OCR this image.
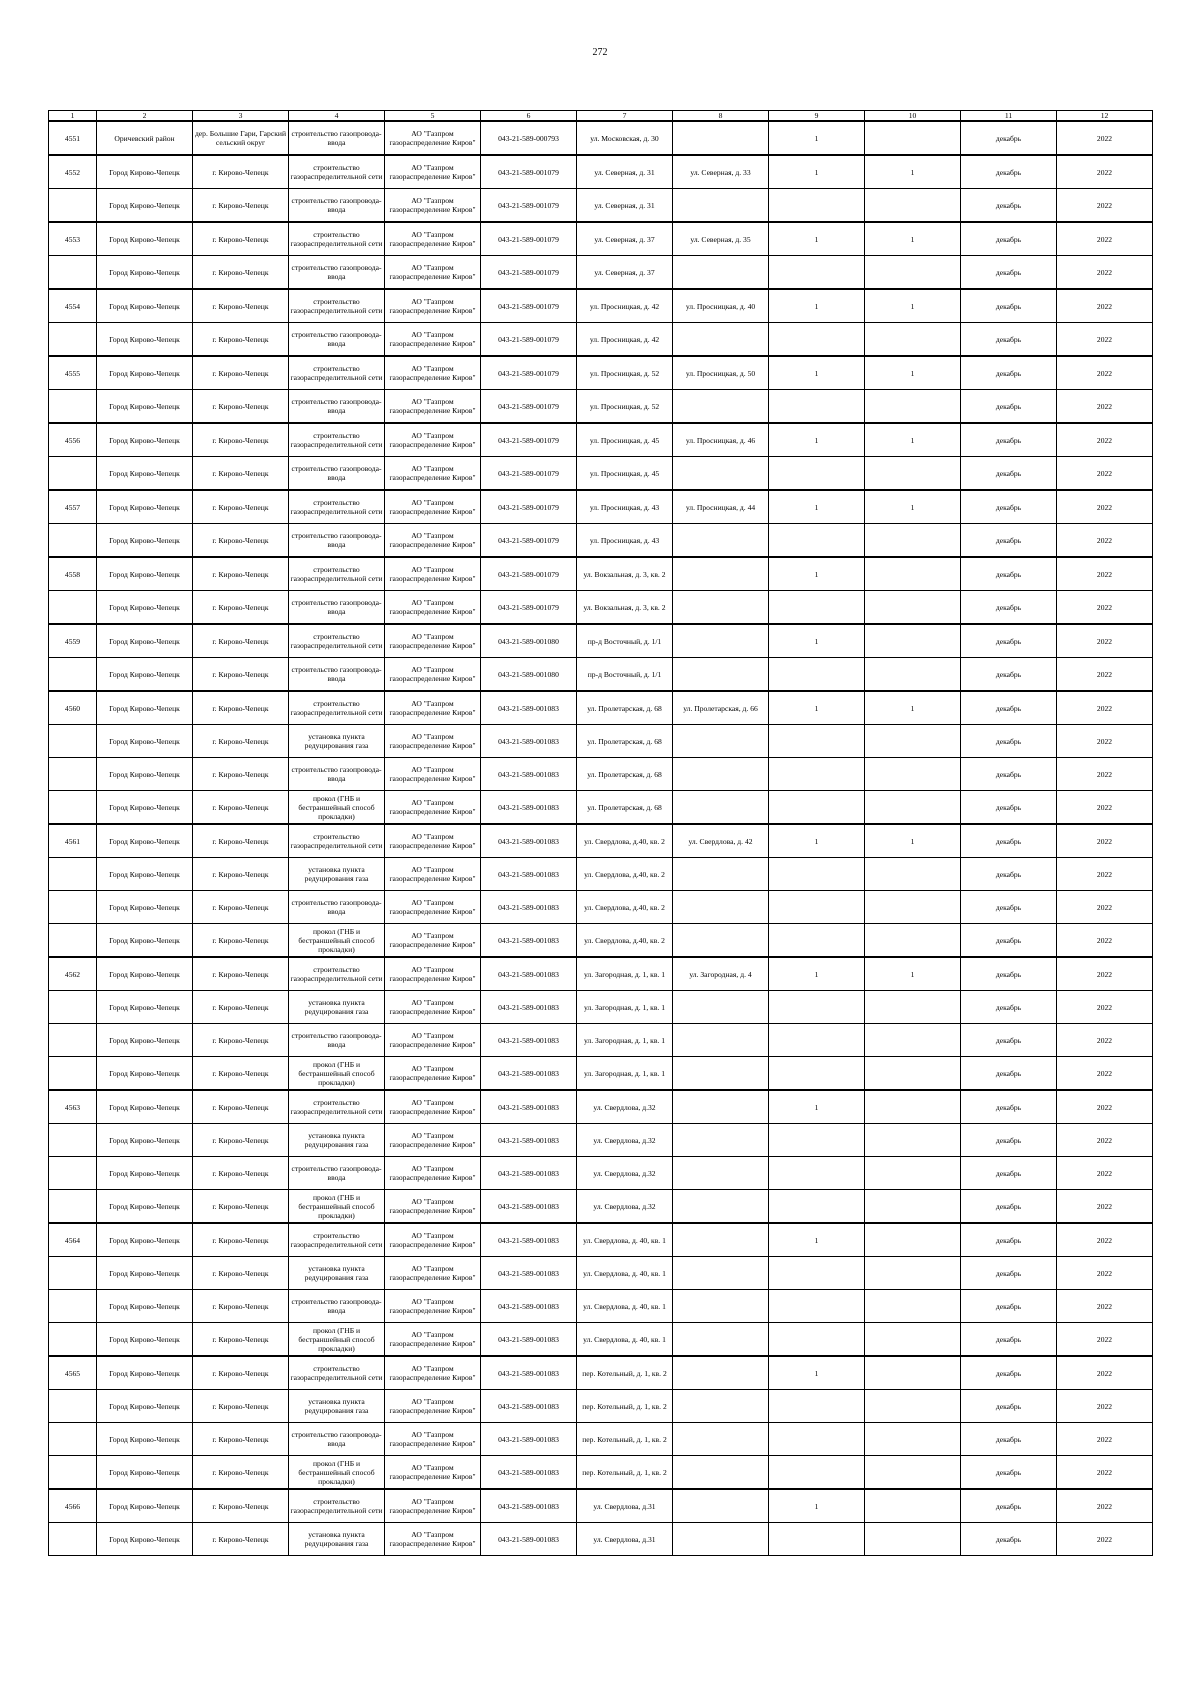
272
1	2	3	4	5	6	7	8	9	10	11	12
4551	Оричевский район	дер. Большие Гари, Гарский сельский округ	строительство газопровода-ввода	АО "Газпром газораспределение Киров"	043-21-589-000793	ул. Московская, д. 30		1		декабрь	2022
4552	Город Кирово-Чепецк	г. Кирово-Чепецк	строительство газораспределительной сети	АО "Газпром газораспределение Киров"	043-21-589-001079	ул. Северная, д. 31	ул. Северная, д. 33	1	1	декабрь	2022
	Город Кирово-Чепецк	г. Кирово-Чепецк	строительство газопровода-ввода	АО "Газпром газораспределение Киров"	043-21-589-001079	ул. Северная, д. 31				декабрь	2022
4553	Город Кирово-Чепецк	г. Кирово-Чепецк	строительство газораспределительной сети	АО "Газпром газораспределение Киров"	043-21-589-001079	ул. Северная, д. 37	ул. Северная, д. 35	1	1	декабрь	2022
	Город Кирово-Чепецк	г. Кирово-Чепецк	строительство газопровода-ввода	АО "Газпром газораспределение Киров"	043-21-589-001079	ул. Северная, д. 37				декабрь	2022
4554	Город Кирово-Чепецк	г. Кирово-Чепецк	строительство газораспределительной сети	АО "Газпром газораспределение Киров"	043-21-589-001079	ул. Просницкая, д. 42	ул. Просницкая, д. 40	1	1	декабрь	2022
	Город Кирово-Чепецк	г. Кирово-Чепецк	строительство газопровода-ввода	АО "Газпром газораспределение Киров"	043-21-589-001079	ул. Просницкая, д. 42				декабрь	2022
4555	Город Кирово-Чепецк	г. Кирово-Чепецк	строительство газораспределительной сети	АО "Газпром газораспределение Киров"	043-21-589-001079	ул. Просницкая, д. 52	ул. Просницкая, д. 50	1	1	декабрь	2022
	Город Кирово-Чепецк	г. Кирово-Чепецк	строительство газопровода-ввода	АО "Газпром газораспределение Киров"	043-21-589-001079	ул. Просницкая, д. 52				декабрь	2022
4556	Город Кирово-Чепецк	г. Кирово-Чепецк	строительство газораспределительной сети	АО "Газпром газораспределение Киров"	043-21-589-001079	ул. Просницкая, д. 45	ул. Просницкая, д. 46	1	1	декабрь	2022
	Город Кирово-Чепецк	г. Кирово-Чепецк	строительство газопровода-ввода	АО "Газпром газораспределение Киров"	043-21-589-001079	ул. Просницкая, д. 45				декабрь	2022
4557	Город Кирово-Чепецк	г. Кирово-Чепецк	строительство газораспределительной сети	АО "Газпром газораспределение Киров"	043-21-589-001079	ул. Просницкая, д. 43	ул. Просницкая, д. 44	1	1	декабрь	2022
	Город Кирово-Чепецк	г. Кирово-Чепецк	строительство газопровода-ввода	АО "Газпром газораспределение Киров"	043-21-589-001079	ул. Просницкая, д. 43				декабрь	2022
4558	Город Кирово-Чепецк	г. Кирово-Чепецк	строительство газораспределительной сети	АО "Газпром газораспределение Киров"	043-21-589-001079	ул. Вокзальная, д. 3, кв. 2		1		декабрь	2022
	Город Кирово-Чепецк	г. Кирово-Чепецк	строительство газопровода-ввода	АО "Газпром газораспределение Киров"	043-21-589-001079	ул. Вокзальная, д. 3, кв. 2				декабрь	2022
4559	Город Кирово-Чепецк	г. Кирово-Чепецк	строительство газораспределительной сети	АО "Газпром газораспределение Киров"	043-21-589-001080	пр-д Восточный, д. 1/1		1		декабрь	2022
	Город Кирово-Чепецк	г. Кирово-Чепецк	строительство газопровода-ввода	АО "Газпром газораспределение Киров"	043-21-589-001080	пр-д Восточный, д. 1/1				декабрь	2022
4560	Город Кирово-Чепецк	г. Кирово-Чепецк	строительство газораспределительной сети	АО "Газпром газораспределение Киров"	043-21-589-001083	ул. Пролетарская, д. 68	ул. Пролетарская, д. 66	1	1	декабрь	2022
	Город Кирово-Чепецк	г. Кирово-Чепецк	установка пункта редуцирования газа	АО "Газпром газораспределение Киров"	043-21-589-001083	ул. Пролетарская, д. 68				декабрь	2022
	Город Кирово-Чепецк	г. Кирово-Чепецк	строительство газопровода-ввода	АО "Газпром газораспределение Киров"	043-21-589-001083	ул. Пролетарская, д. 68				декабрь	2022
	Город Кирово-Чепецк	г. Кирово-Чепецк	прокол (ГНБ и бестраншейный способ прокладки)	АО "Газпром газораспределение Киров"	043-21-589-001083	ул. Пролетарская, д. 68				декабрь	2022
4561	Город Кирово-Чепецк	г. Кирово-Чепецк	строительство газораспределительной сети	АО "Газпром газораспределение Киров"	043-21-589-001083	ул. Свердлова, д.40, кв. 2	ул. Свердлова, д. 42	1	1	декабрь	2022
	Город Кирово-Чепецк	г. Кирово-Чепецк	установка пункта редуцирования газа	АО "Газпром газораспределение Киров"	043-21-589-001083	ул. Свердлова, д.40, кв. 2				декабрь	2022
	Город Кирово-Чепецк	г. Кирово-Чепецк	строительство газопровода-ввода	АО "Газпром газораспределение Киров"	043-21-589-001083	ул. Свердлова, д.40, кв. 2				декабрь	2022
	Город Кирово-Чепецк	г. Кирово-Чепецк	прокол (ГНБ и бестраншейный способ прокладки)	АО "Газпром газораспределение Киров"	043-21-589-001083	ул. Свердлова, д.40, кв. 2				декабрь	2022
4562	Город Кирово-Чепецк	г. Кирово-Чепецк	строительство газораспределительной сети	АО "Газпром газораспределение Киров"	043-21-589-001083	ул. Загородная, д. 1, кв. 1	ул. Загородная, д. 4	1	1	декабрь	2022
	Город Кирово-Чепецк	г. Кирово-Чепецк	установка пункта редуцирования газа	АО "Газпром газораспределение Киров"	043-21-589-001083	ул. Загородная, д. 1, кв. 1				декабрь	2022
	Город Кирово-Чепецк	г. Кирово-Чепецк	строительство газопровода-ввода	АО "Газпром газораспределение Киров"	043-21-589-001083	ул. Загородная, д. 1, кв. 1				декабрь	2022
	Город Кирово-Чепецк	г. Кирово-Чепецк	прокол (ГНБ и бестраншейный способ прокладки)	АО "Газпром газораспределение Киров"	043-21-589-001083	ул. Загородная, д. 1, кв. 1				декабрь	2022
4563	Город Кирово-Чепецк	г. Кирово-Чепецк	строительство газораспределительной сети	АО "Газпром газораспределение Киров"	043-21-589-001083	ул. Свердлова, д.32		1		декабрь	2022
	Город Кирово-Чепецк	г. Кирово-Чепецк	установка пункта редуцирования газа	АО "Газпром газораспределение Киров"	043-21-589-001083	ул. Свердлова, д.32				декабрь	2022
	Город Кирово-Чепецк	г. Кирово-Чепецк	строительство газопровода-ввода	АО "Газпром газораспределение Киров"	043-21-589-001083	ул. Свердлова, д.32				декабрь	2022
	Город Кирово-Чепецк	г. Кирово-Чепецк	прокол (ГНБ и бестраншейный способ прокладки)	АО "Газпром газораспределение Киров"	043-21-589-001083	ул. Свердлова, д.32				декабрь	2022
4564	Город Кирово-Чепецк	г. Кирово-Чепецк	строительство газораспределительной сети	АО "Газпром газораспределение Киров"	043-21-589-001083	ул. Свердлова, д. 40, кв. 1		1		декабрь	2022
	Город Кирово-Чепецк	г. Кирово-Чепецк	установка пункта редуцирования газа	АО "Газпром газораспределение Киров"	043-21-589-001083	ул. Свердлова, д. 40, кв. 1				декабрь	2022
	Город Кирово-Чепецк	г. Кирово-Чепецк	строительство газопровода-ввода	АО "Газпром газораспределение Киров"	043-21-589-001083	ул. Свердлова, д. 40, кв. 1				декабрь	2022
	Город Кирово-Чепецк	г. Кирово-Чепецк	прокол (ГНБ и бестраншейный способ прокладки)	АО "Газпром газораспределение Киров"	043-21-589-001083	ул. Свердлова, д. 40, кв. 1				декабрь	2022
4565	Город Кирово-Чепецк	г. Кирово-Чепецк	строительство газораспределительной сети	АО "Газпром газораспределение Киров"	043-21-589-001083	пер. Котельный, д. 1, кв. 2		1		декабрь	2022
	Город Кирово-Чепецк	г. Кирово-Чепецк	установка пункта редуцирования газа	АО "Газпром газораспределение Киров"	043-21-589-001083	пер. Котельный, д. 1, кв. 2				декабрь	2022
	Город Кирово-Чепецк	г. Кирово-Чепецк	строительство газопровода-ввода	АО "Газпром газораспределение Киров"	043-21-589-001083	пер. Котельный, д. 1, кв. 2				декабрь	2022
	Город Кирово-Чепецк	г. Кирово-Чепецк	прокол (ГНБ и бестраншейный способ прокладки)	АО "Газпром газораспределение Киров"	043-21-589-001083	пер. Котельный, д. 1, кв. 2				декабрь	2022
4566	Город Кирово-Чепецк	г. Кирово-Чепецк	строительство газораспределительной сети	АО "Газпром газораспределение Киров"	043-21-589-001083	ул. Свердлова, д.31		1		декабрь	2022
	Город Кирово-Чепецк	г. Кирово-Чепецк	установка пункта редуцирования газа	АО "Газпром газораспределение Киров"	043-21-589-001083	ул. Свердлова, д.31				декабрь	2022
